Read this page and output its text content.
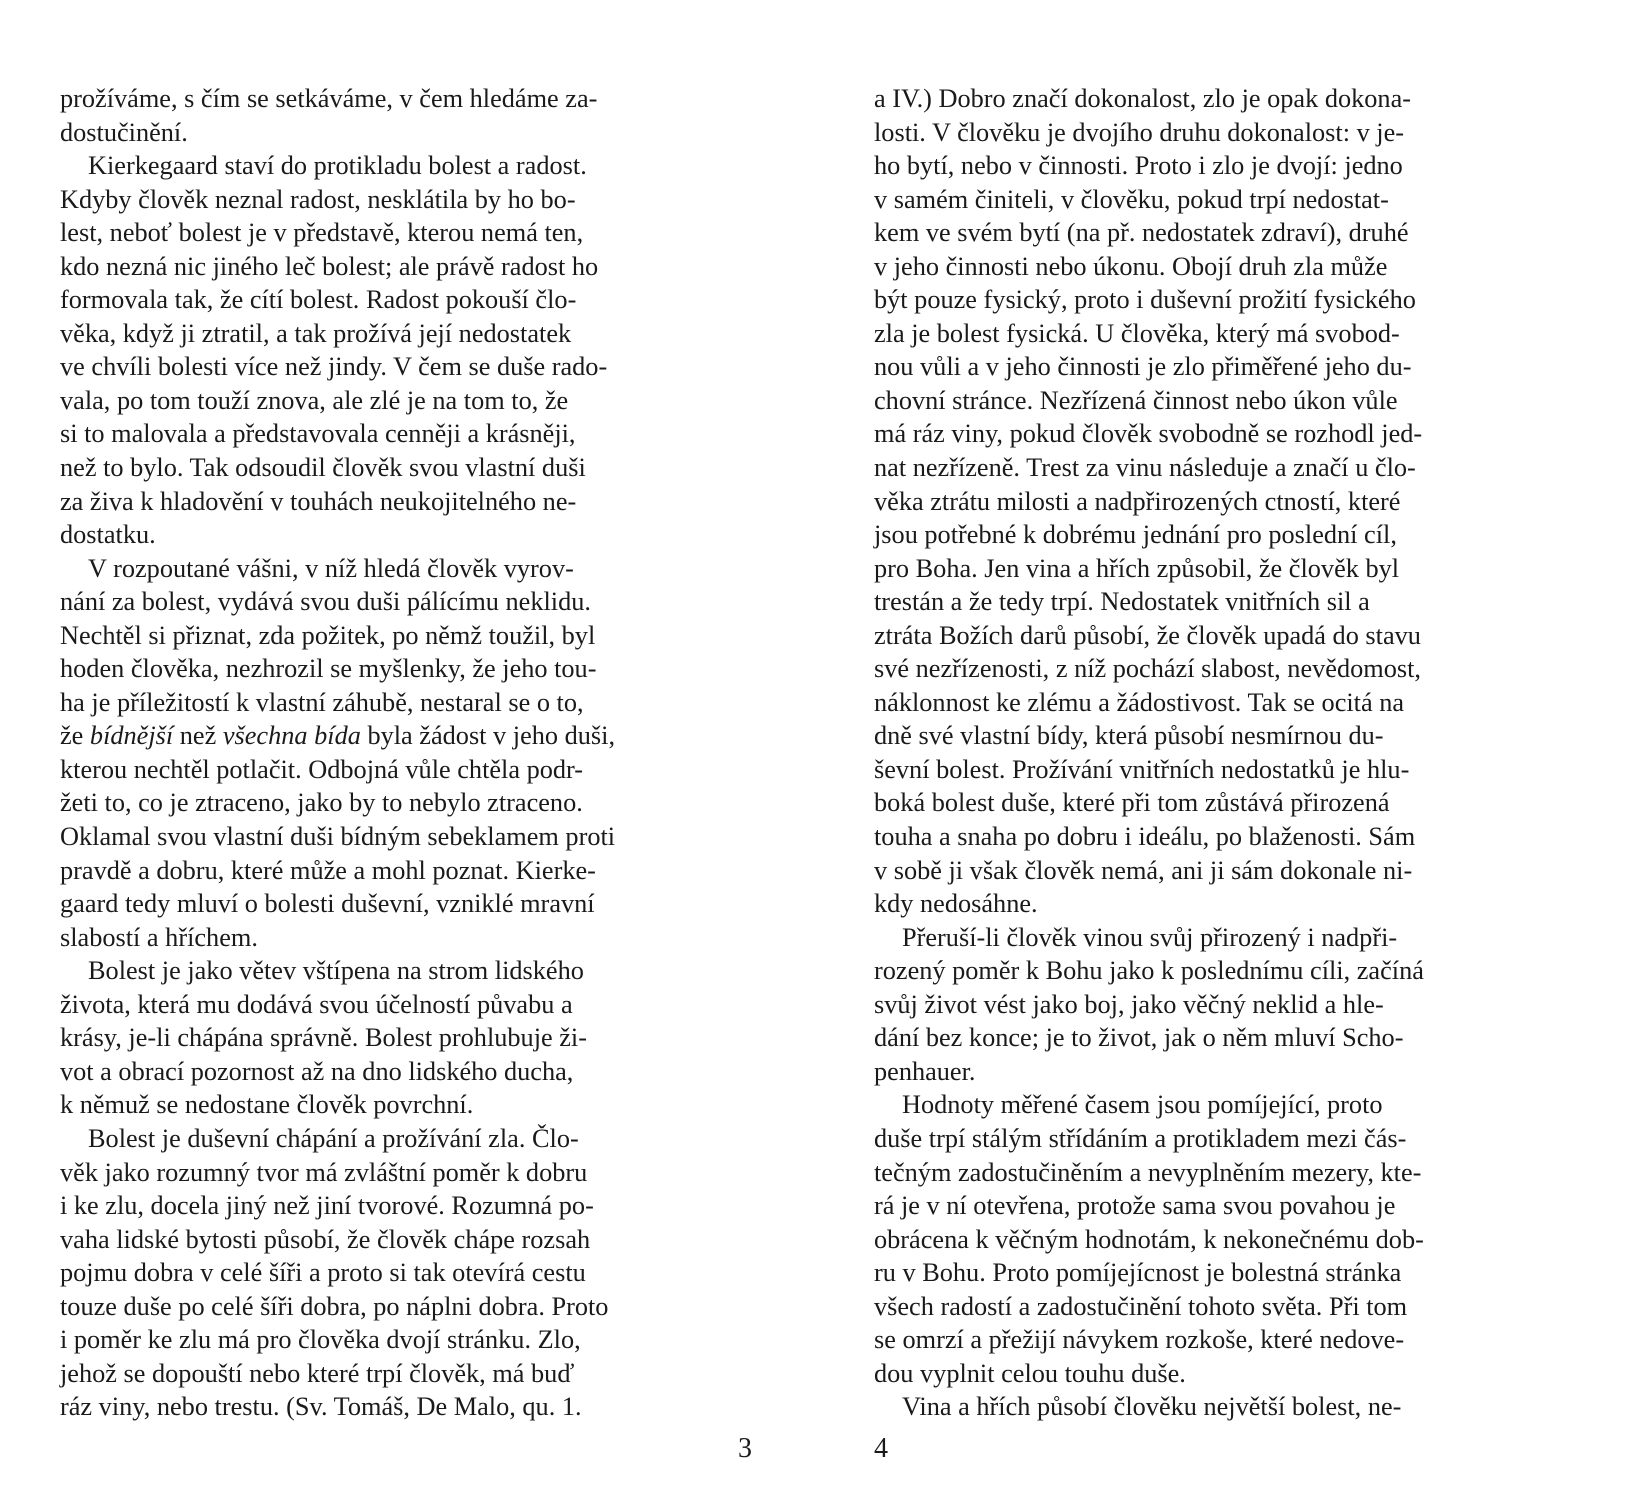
prožíváme, s čím se setkáváme, v čem hledáme za-
dostučinění.

Kierkegaard staví do protikladu bolest a radost.
Kdyby člověk neznal radost, nesklátila by ho bo-
lest, neboť bolest je v představě, kterou nemá ten,
kdo nezná nic jiného leč bolest; ale právě radost ho
formovala tak, že cítí bolest. Radost pokouší člo-
věka, když ji ztratil, a tak prožívá její nedostatek
ve chvíli bolesti více než jindy. V čem se duše rado-
vala, po tom touží znova, ale zlé je na tom to, že
si to malovala a představovala cenněji a krásněji,
než to bylo. Tak odsoudil člověk svou vlastní duši
za živa k hladovění v touhách neukojitelného ne-
dostatku.

V rozpoutané vášni, v níž hledá člověk vyrov-
nání za bolest, vydává svou duši pálícímu neklidu.
Nechtěl si přiznat, zda požitek, po němž toužil, byl
hoden člověka, nezhrozil se myšlenky, že jeho tou-
ha je příležitostí k vlastní záhubě, nestaral se o to,
že bídnější než všechna bída byla žádost v jeho duši,
kterou nechtěl potlačit. Odbojná vůle chtěla podr-
žeti to, co je ztraceno, jako by to nebylo ztraceno.
Oklamal svou vlastní duši bídným sebeklamem proti
pravdě a dobru, které může a mohl poznat. Kierke-
gaard tedy mluví o bolesti duševní, vzniklé mravní
slabostí a hříchem.

Bolest je jako větev vštípena na strom lidského
života, která mu dodává svou účelností půvabu a
krásy, je-li chápána správně. Bolest prohlubuje ži-
vot a obrací pozornost až na dno lidského ducha,
k němuž se nedostane člověk povrchní.

Bolest je duševní chápání a prožívání zla. Člo-
věk jako rozumný tvor má zvláštní poměr k dobru
i ke zlu, docela jiný než jiní tvorové. Rozumná po-
vaha lidské bytosti působí, že člověk chápe rozsah
pojmu dobra v celé šíři a proto si tak otevírá cestu
touze duše po celé šíři dobra, po náplni dobra. Proto
i poměr ke zlu má pro člověka dvojí stránku. Zlo,
jehož se dopouští nebo které trpí člověk, má buď
ráz viny, nebo trestu. (Sv. Tomáš, De Malo, qu. 1.

3

a IV.) Dobro značí dokonalost, zlo je opak dokona-
losti. V člověku je dvojího druhu dokonalost: v je-
ho bytí, nebo v činnosti. Proto i zlo je dvojí: jedno
v samém činiteli, v člověku, pokud trpí nedostat-
kem ve svém bytí (na př. nedostatek zdraví), druhé
v jeho činnosti nebo úkonu. Obojí druh zla může
být pouze fysický, proto i duševní prožití fysického
zla je bolest fysická. U člověka, který má svobod-
nou vůli a v jeho činnosti je zlo přiměřené jeho du-
chovní stránce. Nezřízená činnost nebo úkon vůle
má ráz viny, pokud člověk svobodně se rozhodl jed-
nat nezřízeně. Trest za vinu následuje a značí u člo-
věka ztrátu milosti a nadpřirozených ctností, které
jsou potřebné k dobrému jednání pro poslední cíl,
pro Boha. Jen vina a hřích způsobil, že člověk byl
trestán a že tedy trpí. Nedostatek vnitřních sil a
ztráta Božích darů působí, že člověk upadá do stavu
své nezřízenosti, z níž pochází slabost, nevědomost,
náklonnost ke zlému a žádostivost. Tak se ocitá na
dně své vlastní bídy, která působí nesmírnou du-
ševní bolest. Prožívání vnitřních nedostatků je hlu-
boká bolest duše, které při tom zůstává přirozená
touha a snaha po dobru i ideálu, po blaženosti. Sám
v sobě ji však člověk nemá, ani ji sám dokonale ni-
kdy nedosáhne.

Přeruší-li člověk vinou svůj přirozený i nadpři-
rozený poměr k Bohu jako k poslednímu cíli, začíná
svůj život vést jako boj, jako věčný neklid a hle-
dání bez konce; je to život, jak o něm mluví Scho-
penhauer.

Hodnoty měřené časem jsou pomíjející, proto
duše trpí stálým střídáním a protikladem mezi čás-
tečným zadostučiněním a nevyplněním mezery, kte-
rá je v ní otevřena, protože sama svou povahou je
obrácena k věčným hodnotám, k nekonečnému dob-
ru v Bohu. Proto pomíjejícnost je bolestná stránka
všech radostí a zadostučinění tohoto světa. Při tom
se omrzí a přežijí návykem rozkoše, které nedove-
dou vyplnit celou touhu duše.

Vina a hřích působí člověku největší bolest, ne-

4
